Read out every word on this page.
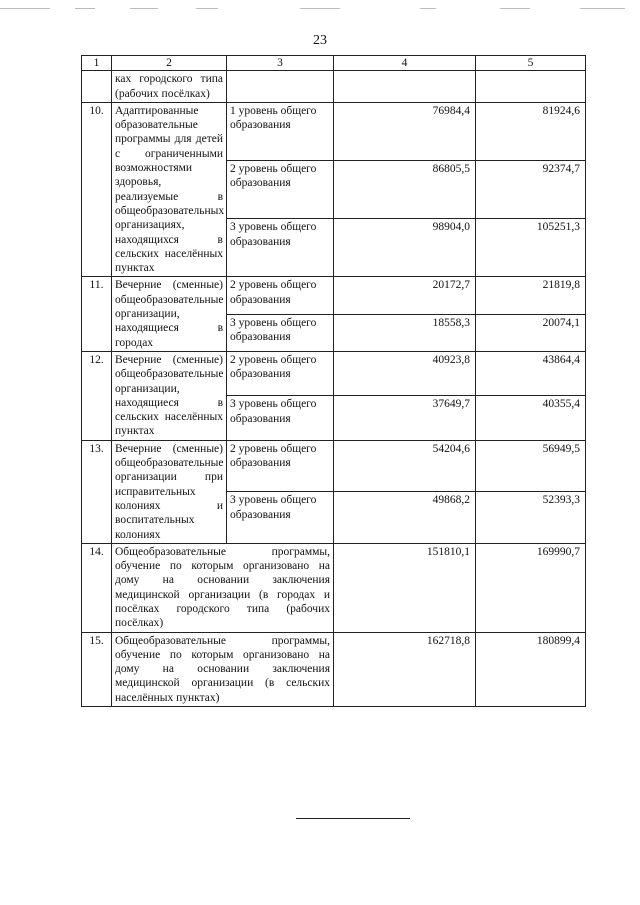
23
1	2	3	4	5
	ках городского типа (рабочих посёлках)			
10.	Адаптированные образовательные программы для детей с ограниченными возможностями здоровья, реализуемые в общеобразовательных организациях, находящихся в сельских населённых пунктах	1 уровень общего образования	76984,4	81924,6
		2 уровень общего образования	86805,5	92374,7
		3 уровень общего образования	98904,0	105251,3
11.	Вечерние (сменные) общеобразовательные организации, находящиеся в городах	2 уровень общего образования	20172,7	21819,8
		3 уровень общего образования	18558,3	20074,1
12.	Вечерние (сменные) общеобразовательные организации, находящиеся в сельских населённых пунктах	2 уровень общего образования	40923,8	43864,4
		3 уровень общего образования	37649,7	40355,4
13.	Вечерние (сменные) общеобразовательные организации при исправительных колониях и воспитательных колониях	2 уровень общего образования	54204,6	56949,5
		3 уровень общего образования	49868,2	52393,3
14.	Общеобразовательные программы, обучение по которым организовано на дому на основании заключения медицинской организации (в городах и посёлках городского типа (рабочих посёлках)		151810,1	169990,7
15.	Общеобразовательные программы, обучение по которым организовано на дому на основании заключения медицинской организации (в сельских населённых пунктах)		162718,8	180899,4
